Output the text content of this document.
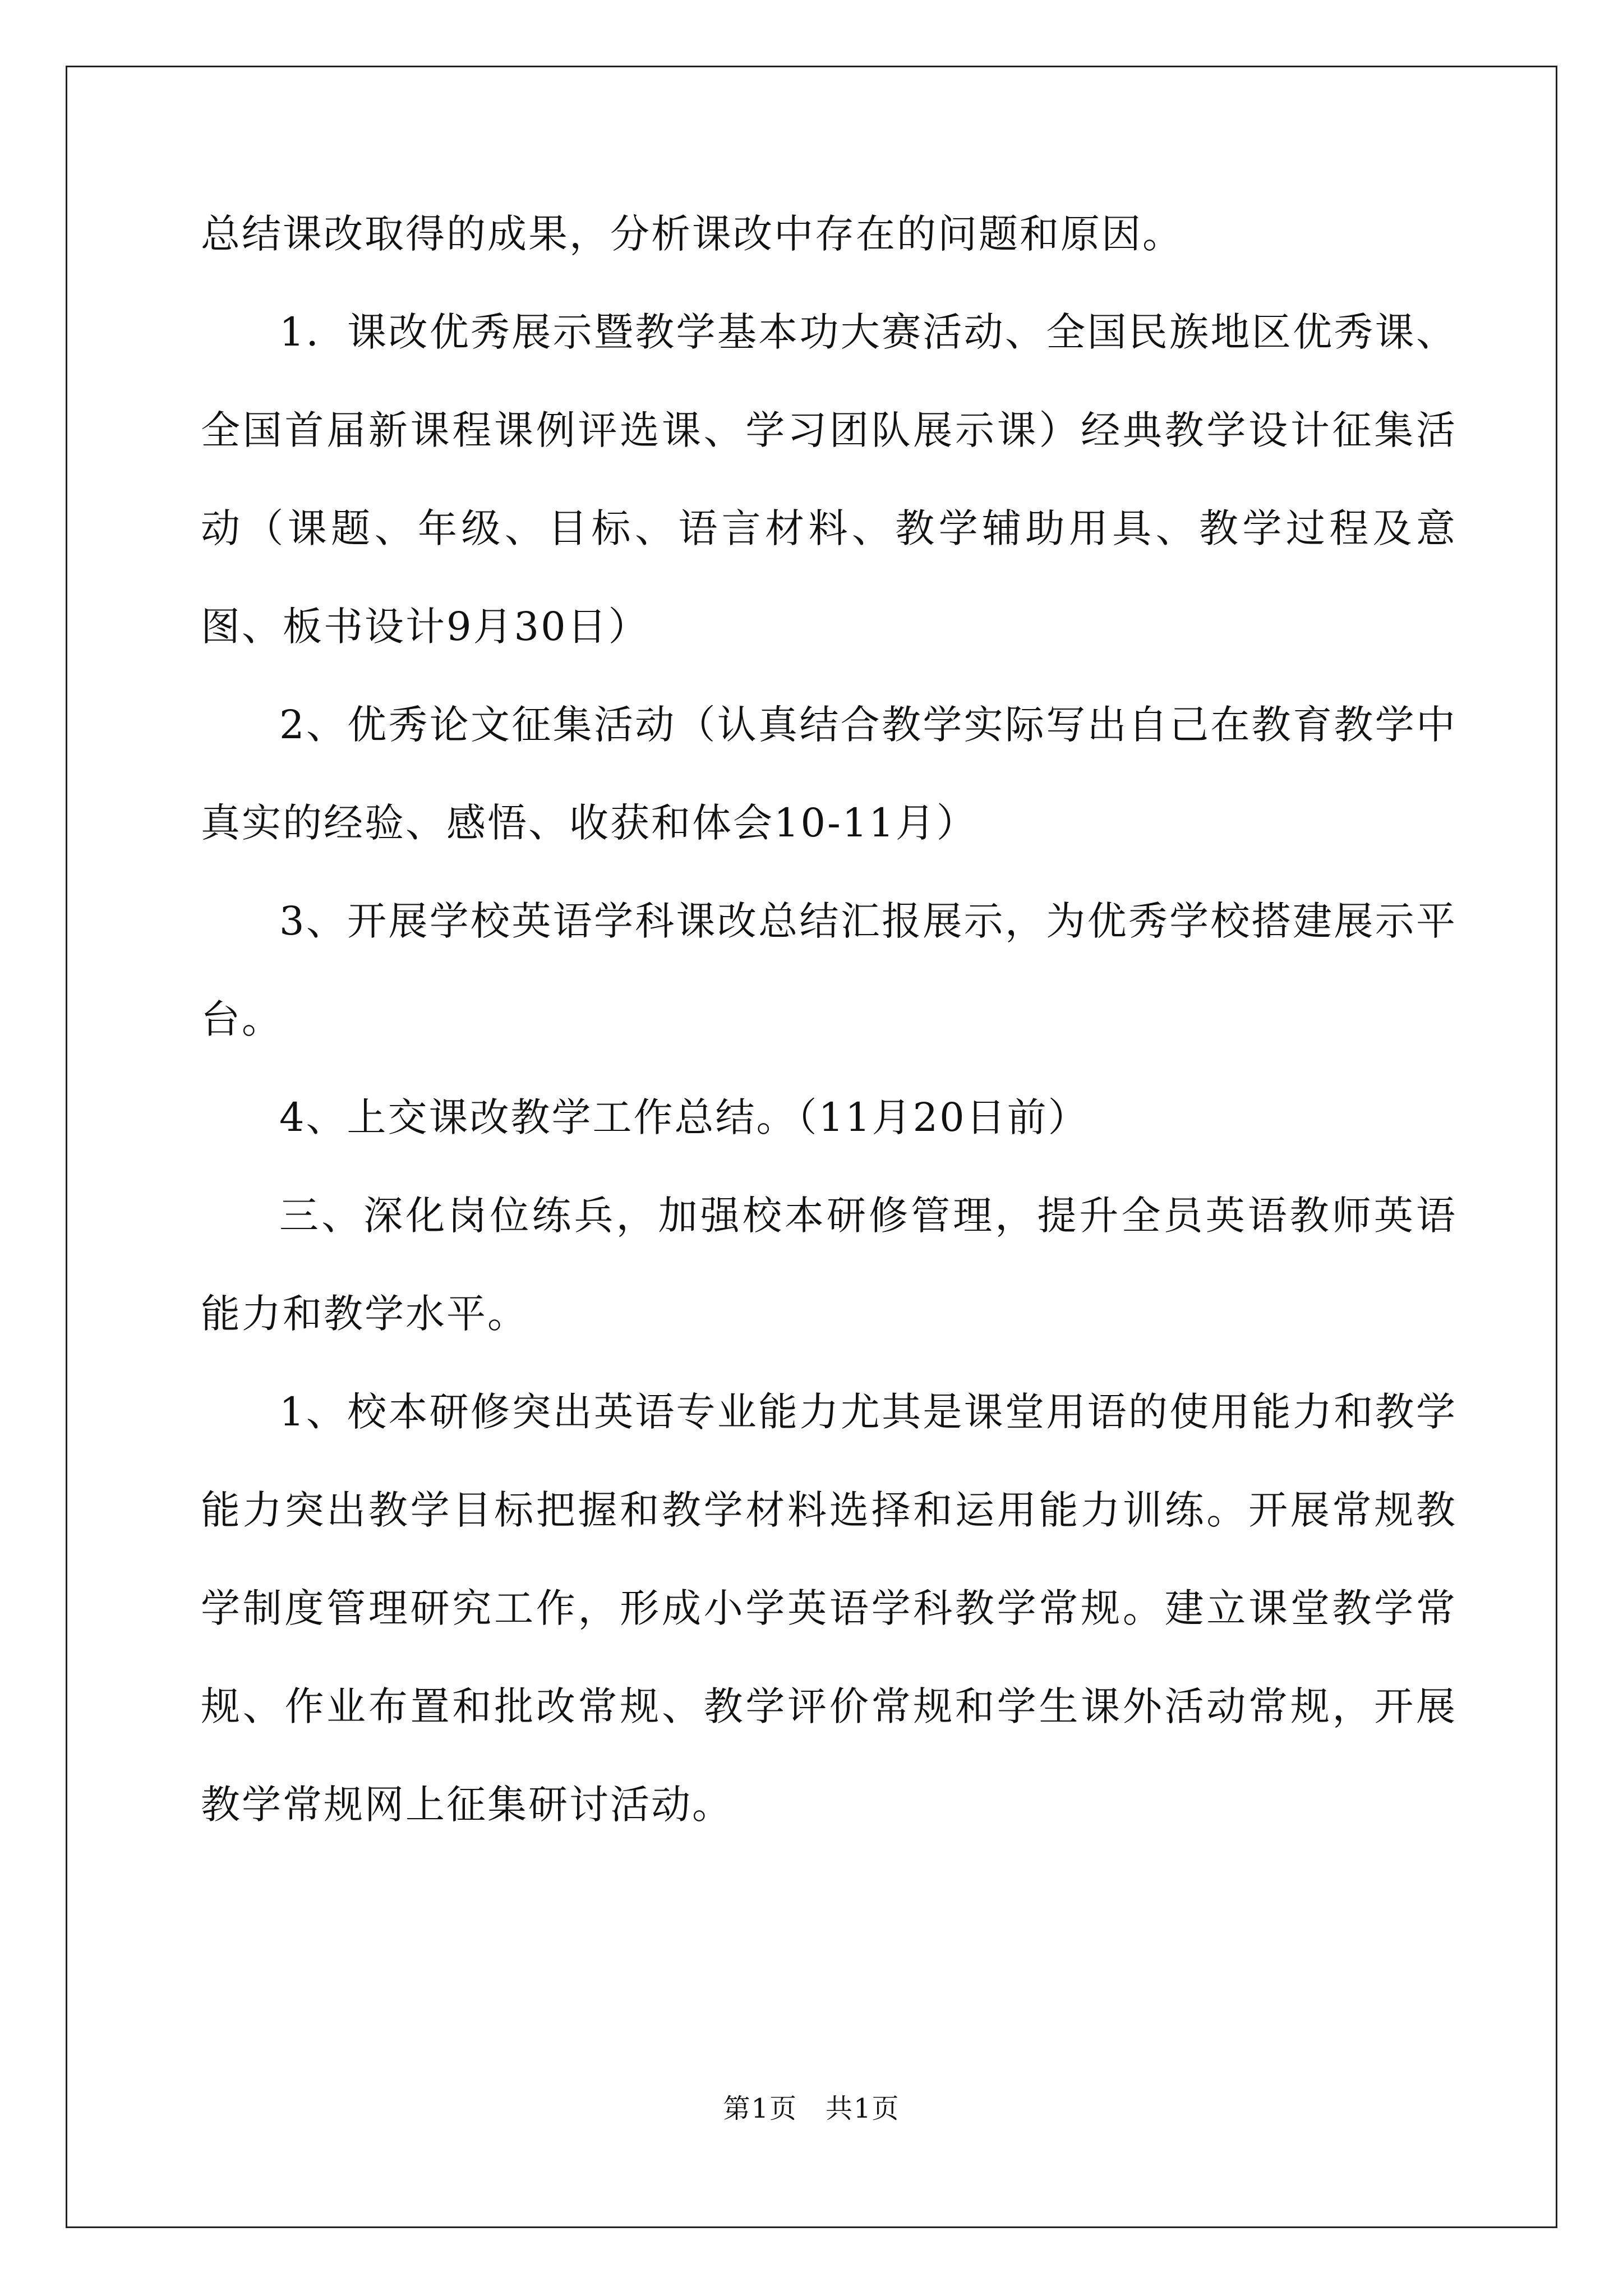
总结课改取得的成果，分析课改中存在的问题和原因。

1．课改优秀展示暨教学基本功大赛活动、全国民族地区优秀课、全国首届新课程课例评选课、学习团队展示课）经典教学设计征集活动（课题、年级、目标、语言材料、教学辅助用具、教学过程及意图、板书设计9月30日）

2、优秀论文征集活动（认真结合教学实际写出自己在教育教学中真实的经验、感悟、收获和体会10-11月）

3、开展学校英语学科课改总结汇报展示，为优秀学校搭建展示平台。

4、上交课改教学工作总结。（11月20日前）

三、深化岗位练兵，加强校本研修管理，提升全员英语教师英语能力和教学水平。

1、校本研修突出英语专业能力尤其是课堂用语的使用能力和教学能力突出教学目标把握和教学材料选择和运用能力训练。开展常规教学制度管理研究工作，形成小学英语学科教学常规。建立课堂教学常规、作业布置和批改常规、教学评价常规和学生课外活动常规，开展教学常规网上征集研讨活动。

第1页 共1页
